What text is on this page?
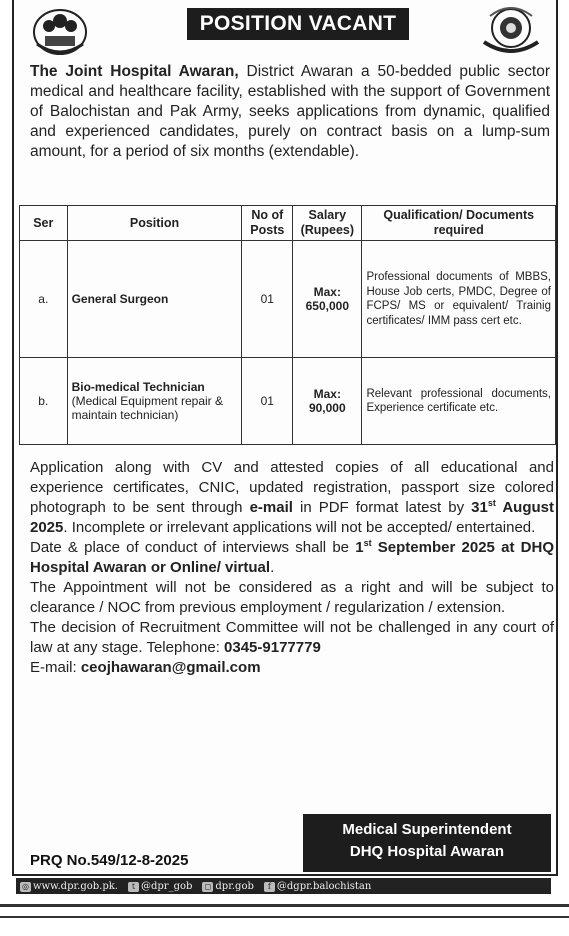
POSITION VACANT
The Joint Hospital Awaran, District Awaran a 50-bedded public sector medical and healthcare facility, established with the support of Government of Balochistan and Pak Army, seeks applications from dynamic, qualified and experienced candidates, purely on contract basis on a lump-sum amount, for a period of six months (extendable).
Ser	Position	No of Posts	Salary (Rupees)	Qualification/ Documents required
a.	General Surgeon	01	Max: 650,000	Professional documents of MBBS, House Job certs, PMDC, Degree of FCPS/ MS or equivalent/ Trainig certificates/ IMM pass cert etc.
b.	Bio-medical Technician (Medical Equipment repair & maintain technician)	01	Max: 90,000	Relevant professional documents, Experience certificate etc.

Application along with CV and attested copies of all educational and experience certificates, CNIC, updated registration, passport size colored photograph to be sent through e-mail in PDF format latest by 31st August 2025. Incomplete or irrelevant applications will not be accepted/ entertained.

Date & place of conduct of interviews shall be 1st September 2025 at DHQ Hospital Awaran or Online/ virtual.

The Appointment will not be considered as a right and will be subject to clearance / NOC from previous employment / regularization / extension.

The decision of Recruitment Committee will not be challenged in any court of law at any stage. Telephone: 0345-9177779

E-mail: ceojhawaran@gmail.com

Medical Superintendent
DHQ Hospital Awaran
PRQ No.549/12-8-2025
◎ www.dpr.gob.pk.	t @dpr_gob ◻ dpr.gob	f @dgpr.balochistan
